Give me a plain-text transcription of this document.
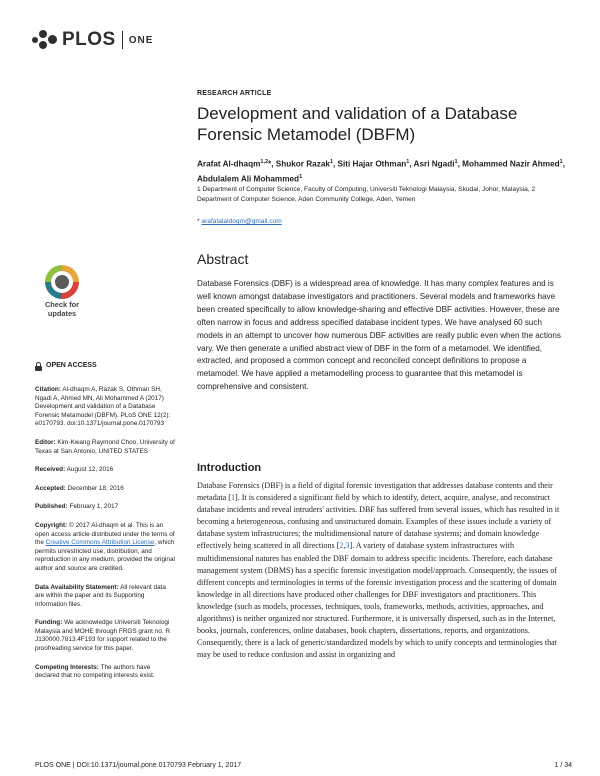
PLOS ONE
RESEARCH ARTICLE
Development and validation of a Database Forensic Metamodel (DBFM)
Arafat Al-dhaqm$^{1,2}$*, Shukor Razak$^1$, Siti Hajar Othman$^1$, Asri Ngadi$^1$, Mohammed Nazir Ahmed$^1$, Abdulalem Ali Mohammed$^1$
1 Department of Computer Science, Faculty of Computing, Universiti Teknologi Malaysia, Skudai, Johor, Malaysia, 2 Department of Computer Science, Aden Community College, Aden, Yemen
* arafatalaldoqm@gmail.com
Abstract

Database Forensics (DBF) is a widespread area of knowledge. It has many complex features and is well known amongst database investigators and practitioners. Several models and frameworks have been created specifically to allow knowledge-sharing and effective DBF activities. However, these are often narrow in focus and address specified database incident types. We have analysed 60 such models in an attempt to uncover how numerous DBF activities are really public even when the actions vary. We then generate a unified abstract view of DBF in the form of a metamodel. We identified, extracted, and proposed a common concept and reconciled concept definitions to propose a metamodel. We have applied a metamodelling process to guarantee that this metamodel is comprehensive and consistent.

Introduction

Database Forensics (DBF) is a field of digital forensic investigation that addresses database contents and their metadata [1]. It is considered a significant field by which to identify, detect, acquire, analyse, and reconstruct database incidents and reveal intruders' activities. DBF has suffered from several issues, which has resulted in it becoming a heterogeneous, confusing and unstructured domain. Examples of these issues include a variety of database system infrastructures; the multidimensional nature of database systems; and domain knowledge effectively being scattered in all directions [2,3]. A variety of database system infrastructures with multidimensional natures has enabled the DBF domain to address specific incidents. Therefore, each database management system (DBMS) has a specific forensic investigation model/approach. Consequently, the issues of different concepts and terminologies in terms of the forensic investigation process and the scattering of domain knowledge in all directions have produced other challenges for DBF investigators and practitioners. This knowledge (such as models, processes, techniques, tools, frameworks, methods, activities, approaches, and algorithms) is neither organized nor structured. Furthermore, it is universally dispersed, such as in the Internet, books, journals, conferences, online databases, book chapters, dissertations, reports, and organizations. Consequently, there is a lack of generic/standardized models by which to unify concepts and terminologies that may be used to reduce confusion and assist in organizing and

Check for
updates
OPEN ACCESS
Citation: Al-dhaqm A, Razak S, Othman SH, Ngadi A, Ahmed MN, Ali Mohammed A (2017) Development and validation of a Database Forensic Metamodel (DBFM). PLoS ONE 12(2): e0170793. doi:10.1371/journal.pone.0170793
Editor: Kim-Kwang Raymond Choo, University of Texas at San Antonio, UNITED STATES
Received: August 12, 2016
Accepted: December 18, 2016
Published: February 1, 2017
Copyright: © 2017 Al-dhaqm et al. This is an open access article distributed under the terms of the Creative Commons Attribution License, which permits unrestricted use, distribution, and reproduction in any medium, provided the original author and source are credited.
Data Availability Statement: All relevant data are within the paper and its Supporting Information files.
Funding: We acknowledge Universiti Teknologi Malaysia and MOHE through FRGS grant no. R J130000.7813.4F193 for support related to the proofreading service for this paper.
Competing Interests: The authors have declared that no competing interests exist.
PLOS ONE | DOI:10.1371/journal.pone.0170793 February 1, 2017	1 / 34
